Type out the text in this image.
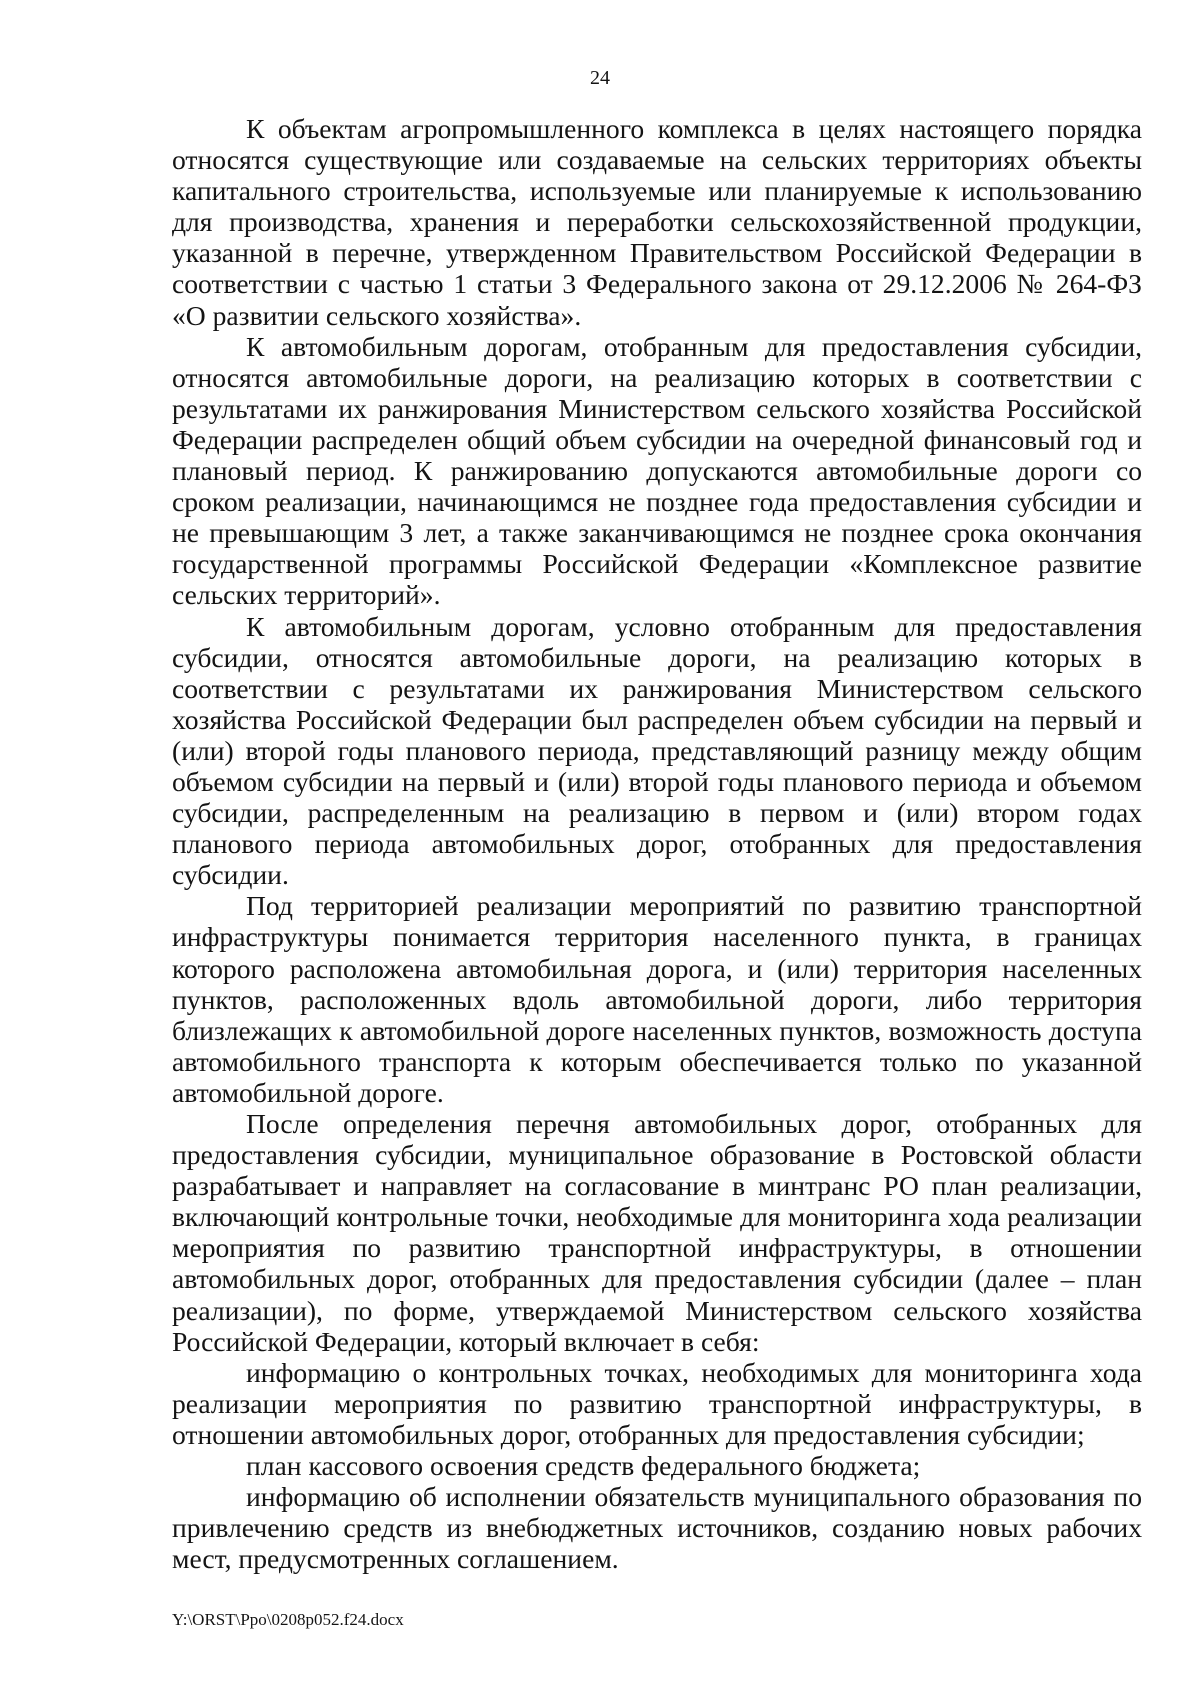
24

К объектам агропромышленного комплекса в целях настоящего порядка относятся существующие или создаваемые на сельских территориях объекты капитального строительства, используемые или планируемые к использованию для производства, хранения и переработки сельскохозяйственной продукции, указанной в перечне, утвержденном Правительством Российской Федерации в соответствии с частью 1 статьи 3 Федерального закона от 29.12.2006 № 264-ФЗ «О развитии сельского хозяйства».

К автомобильным дорогам, отобранным для предоставления субсидии, относятся автомобильные дороги, на реализацию которых в соответствии с результатами их ранжирования Министерством сельского хозяйства Российской Федерации распределен общий объем субсидии на очередной финансовый год и плановый период. К ранжированию допускаются автомобильные дороги со сроком реализации, начинающимся не позднее года предоставления субсидии и не превышающим 3 лет, а также заканчивающимся не позднее срока окончания государственной программы Российской Федерации «Комплексное развитие сельских территорий».

К автомобильным дорогам, условно отобранным для предоставления субсидии, относятся автомобильные дороги, на реализацию которых в соответствии с результатами их ранжирования Министерством сельского хозяйства Российской Федерации был распределен объем субсидии на первый и (или) второй годы планового периода, представляющий разницу между общим объемом субсидии на первый и (или) второй годы планового периода и объемом субсидии, распределенным на реализацию в первом и (или) втором годах планового периода автомобильных дорог, отобранных для предоставления субсидии.

Под территорией реализации мероприятий по развитию транспортной инфраструктуры понимается территория населенного пункта, в границах которого расположена автомобильная дорога, и (или) территория населенных пунктов, расположенных вдоль автомобильной дороги, либо территория близлежащих к автомобильной дороге населенных пунктов, возможность доступа автомобильного транспорта к которым обеспечивается только по указанной автомобильной дороге.

После определения перечня автомобильных дорог, отобранных для предоставления субсидии, муниципальное образование в Ростовской области разрабатывает и направляет на согласование в минтранс РО план реализации, включающий контрольные точки, необходимые для мониторинга хода реализации мероприятия по развитию транспортной инфраструктуры, в отношении автомобильных дорог, отобранных для предоставления субсидии (далее – план реализации), по форме, утверждаемой Министерством сельского хозяйства Российской Федерации, который включает в себя:

информацию о контрольных точках, необходимых для мониторинга хода реализации мероприятия по развитию транспортной инфраструктуры, в отношении автомобильных дорог, отобранных для предоставления субсидии;

план кассового освоения средств федерального бюджета;

информацию об исполнении обязательств муниципального образования по привлечению средств из внебюджетных источников, созданию новых рабочих мест, предусмотренных соглашением.

Y:\ORST\Ppo\0208p052.f24.docx
